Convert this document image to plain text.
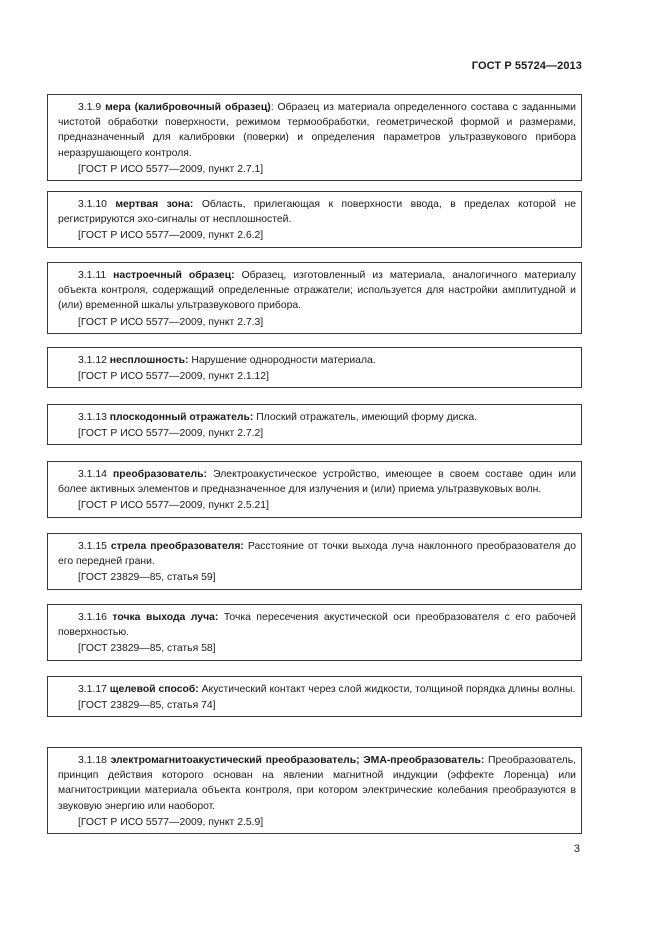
ГОСТ Р 55724—2013

3.1.9 мера (калибровочный образец): Образец из материала определенного состава с заданными чистотой обработки поверхности, режимом термообработки, геометрической формой и размерами, предназначенный для калибровки (поверки) и определения параметров ультразвукового прибора неразрушающего контроля.

[ГОСТ Р ИСО 5577—2009, пункт 2.7.1]

3.1.10 мертвая зона: Область, прилегающая к поверхности ввода, в пределах которой не регистрируются эхо-сигналы от несплошностей.

[ГОСТ Р ИСО 5577—2009, пункт 2.6.2]

3.1.11 настроечный образец: Образец, изготовленный из материала, аналогичного материалу объекта контроля, содержащий определенные отражатели; используется для настройки амплитудной и (или) временной шкалы ультразвукового прибора.

[ГОСТ Р ИСО 5577—2009, пункт 2.7.3]

3.1.12 несплошность: Нарушение однородности материала.

[ГОСТ Р ИСО 5577—2009, пункт 2.1.12]

3.1.13 плоскодонный отражатель: Плоский отражатель, имеющий форму диска.

[ГОСТ Р ИСО 5577—2009, пункт 2.7.2]

3.1.14 преобразователь: Электроакустическое устройство, имеющее в своем составе один или более активных элементов и предназначенное для излучения и (или) приема ультразвуковых волн.

[ГОСТ Р ИСО 5577—2009, пункт 2.5.21]

3.1.15 стрела преобразователя: Расстояние от точки выхода луча наклонного преобразователя до его передней грани.

[ГОСТ 23829—85, статья 59]

3.1.16 точка выхода луча: Точка пересечения акустической оси преобразователя с его рабочей поверхностью.

[ГОСТ 23829—85, статья 58]

3.1.17 щелевой способ: Акустический контакт через слой жидкости, толщиной порядка длины волны.

[ГОСТ 23829—85, статья 74]

3.1.18 электромагнитоакустический преобразователь; ЭМА-преобразователь: Преобразователь, принцип действия которого основан на явлении магнитной индукции (эффекте Лоренца) или магнитострикции материала объекта контроля, при котором электрические колебания преобразуются в звуковую энергию или наоборот.

[ГОСТ Р ИСО 5577—2009, пункт 2.5.9]

3
